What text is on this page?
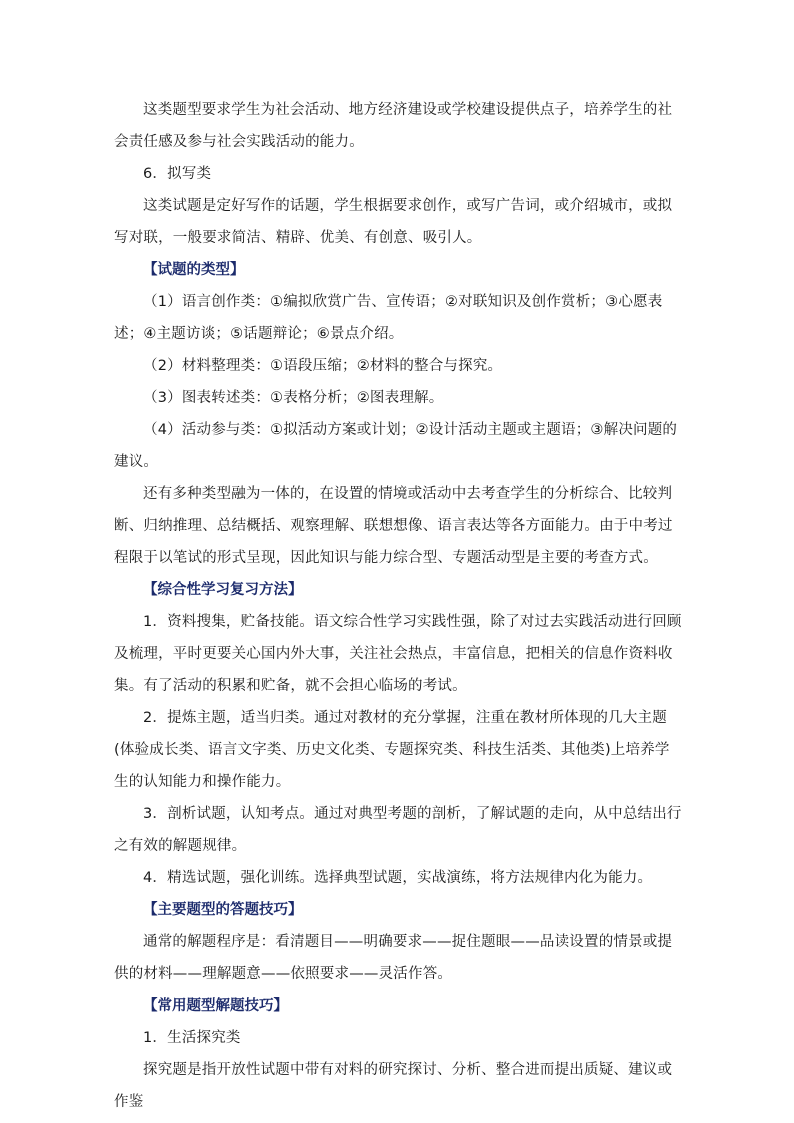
这类题型要求学生为社会活动、地方经济建设或学校建设提供点子，培养学生的社会责任感及参与社会实践活动的能力。

6．拟写类

这类试题是定好写作的话题，学生根据要求创作，或写广告词，或介绍城市，或拟写对联，一般要求简洁、精辟、优美、有创意、吸引人。

【试题的类型】

（1）语言创作类：①编拟欣赏广告、宣传语；②对联知识及创作赏析；③心愿表述；④主题访谈；⑤话题辩论；⑥景点介绍。

（2）材料整理类：①语段压缩；②材料的整合与探究。

（3）图表转述类：①表格分析；②图表理解。

（4）活动参与类：①拟活动方案或计划；②设计活动主题或主题语；③解决问题的建议。

还有多种类型融为一体的，在设置的情境或活动中去考查学生的分析综合、比较判断、归纳推理、总结概括、观察理解、联想想像、语言表达等各方面能力。由于中考过程限于以笔试的形式呈现，因此知识与能力综合型、专题活动型是主要的考查方式。

【综合性学习复习方法】

1．资料搜集，贮备技能。语文综合性学习实践性强，除了对过去实践活动进行回顾及梳理，平时更要关心国内外大事，关注社会热点，丰富信息，把相关的信息作资料收集。有了活动的积累和贮备，就不会担心临场的考试。

2．提炼主题，适当归类。通过对教材的充分掌握，注重在教材所体现的几大主题(体验成长类、语言文字类、历史文化类、专题探究类、科技生活类、其他类)上培养学生的认知能力和操作能力。

3．剖析试题，认知考点。通过对典型考题的剖析，了解试题的走向，从中总结出行之有效的解题规律。

4．精选试题，强化训练。选择典型试题，实战演练，将方法规律内化为能力。

【主要题型的答题技巧】

通常的解题程序是：看清题目——明确要求——捉住题眼——品读设置的情景或提供的材料——理解题意——依照要求——灵活作答。

【常用题型解题技巧】

1．生活探究类

探究题是指开放性试题中带有对料的研究探讨、分析、整合进而提出质疑、建议或作鉴
